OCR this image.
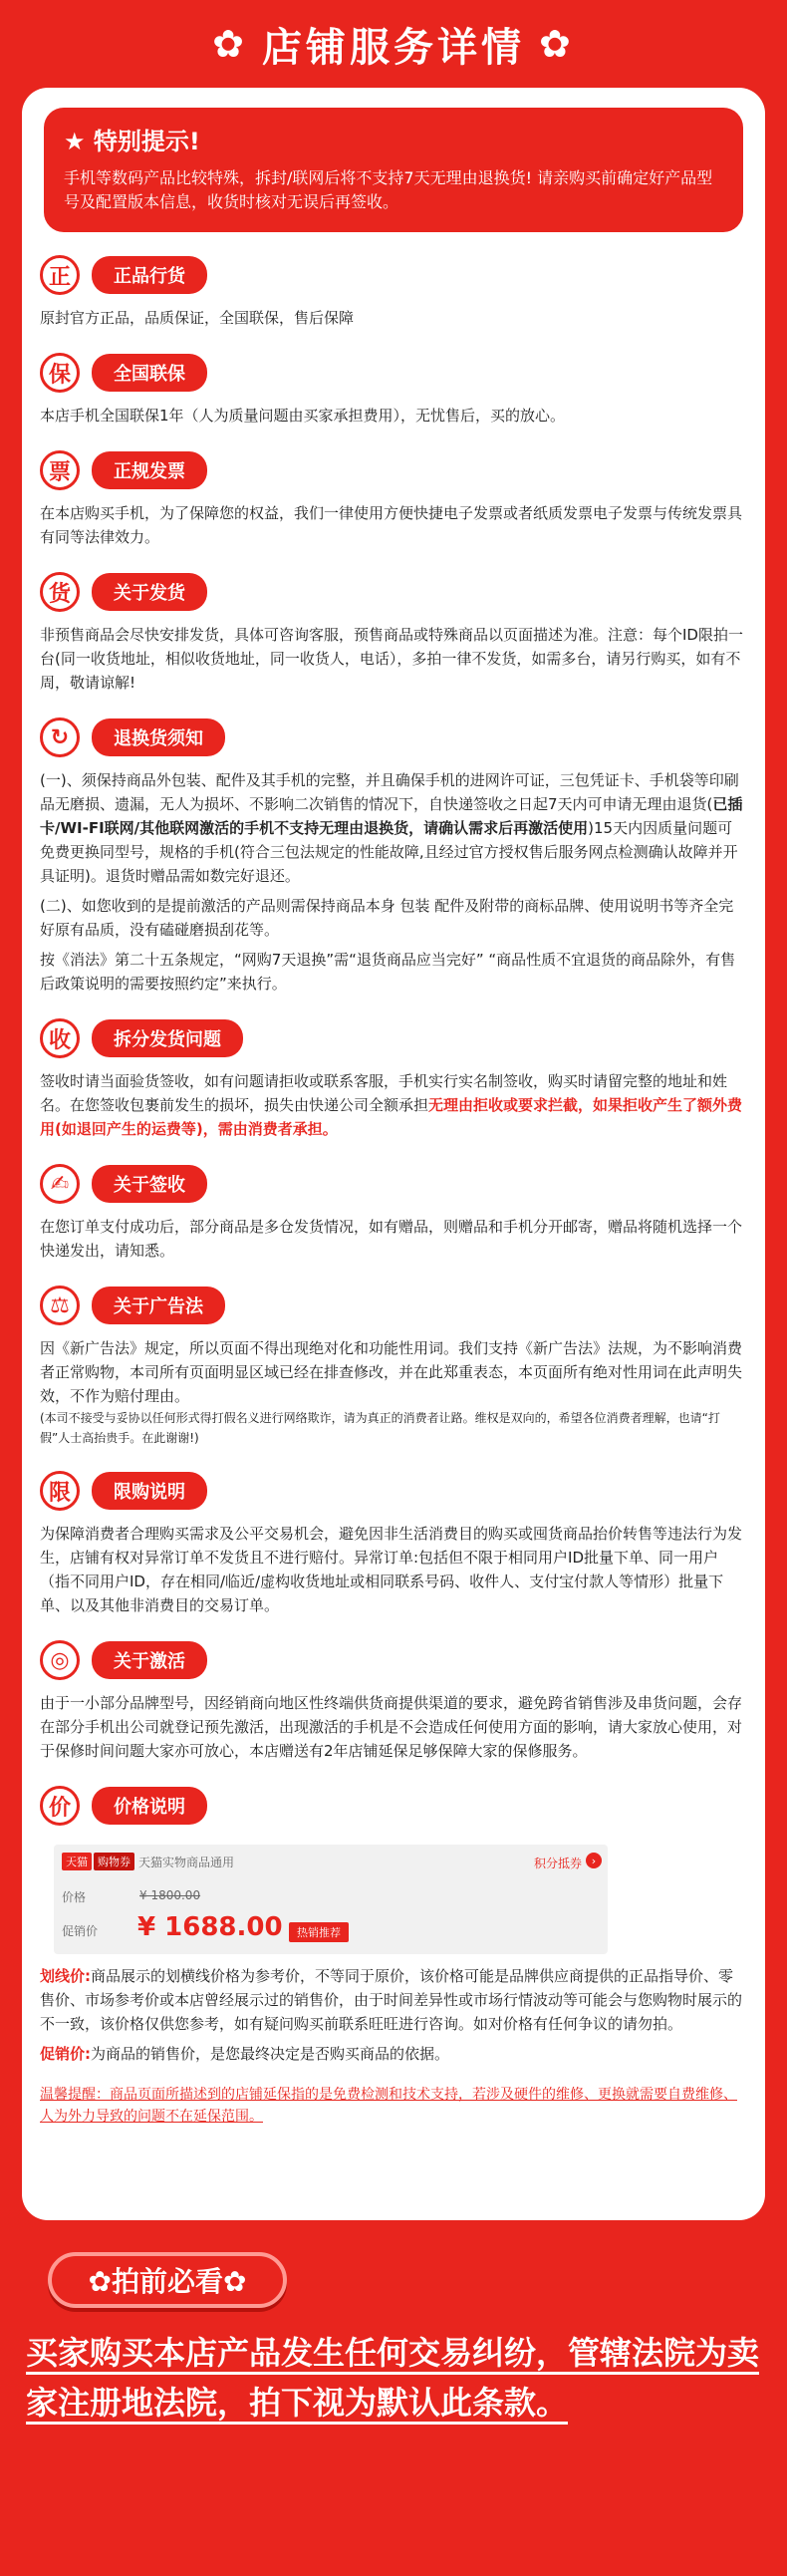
✿ 店铺服务详情 ✿
★ 特别提示!
手机等数码产品比较特殊，拆封/联网后将不支持7天无理由退换货! 请亲购买前确定好产品型号及配置版本信息，收货时核对无误后再签收。
正	正品行货
原封官方正品，品质保证，全国联保，售后保障
保	全国联保
本店手机全国联保1年（人为质量问题由买家承担费用），无忧售后，买的放心。
票	正规发票
在本店购买手机，为了保障您的权益，我们一律使用方便快捷电子发票或者纸质发票电子发票与传统发票具有同等法律效力。
货	关于发货
非预售商品会尽快安排发货，具体可咨询客服，预售商品或特殊商品以页面描述为准。注意：每个ID限拍一台(同一收货地址，相似收货地址，同一收货人，电话），多拍一律不发货，如需多台，请另行购买，如有不周，敬请谅解!
↻	退换货须知
(一)、须保持商品外包装、配件及其手机的完整，并且确保手机的进网许可证，三包凭证卡、手机袋等印刷品无磨损、遗漏，无人为损坏、不影响二次销售的情况下，自快递签收之日起7天内可申请无理由退货(已插卡/WI-FI联网/其他联网激活的手机不支持无理由退换货，请确认需求后再激活使用)15天内因质量问题可免费更换同型号，规格的手机(符合三包法规定的性能故障,且经过官方授权售后服务网点检测确认故障并开具证明)。退货时赠品需如数完好退还。
(二)、如您收到的是提前激活的产品则需保持商品本身 包装 配件及附带的商标品牌、使用说明书等齐全完好原有品质，没有磕碰磨损刮花等。
按《消法》第二十五条规定，“网购7天退换”需“退货商品应当完好” “商品性质不宜退货的商品除外，有售后政策说明的需要按照约定”来执行。
收	拆分发货问题
签收时请当面验货签收，如有问题请拒收或联系客服，手机实行实名制签收，购买时请留完整的地址和姓名。在您签收包裹前发生的损坏，损失由快递公司全额承担无理由拒收或要求拦截，如果拒收产生了额外费用(如退回产生的运费等)，需由消费者承担。
✍	关于签收
在您订单支付成功后，部分商品是多仓发货情况，如有赠品，则赠品和手机分开邮寄，赠品将随机选择一个快递发出，请知悉。
⚖	关于广告法
因《新广告法》规定，所以页面不得出现绝对化和功能性用词。我们支持《新广告法》法规，为不影响消费者正常购物，本司所有页面明显区域已经在排查修改，并在此郑重表态，本页面所有绝对性用词在此声明失效，不作为赔付理由。
(本司不接受与妥协以任何形式得打假名义进行网络欺诈，请为真正的消费者让路。维权是双向的，希望各位消费者理解，也请“打假”人士高抬贵手。在此谢谢!)
限	限购说明
为保障消费者合理购买需求及公平交易机会，避免因非生活消费目的购买或囤货商品抬价转售等违法行为发生，店铺有权对异常订单不发货且不进行赔付。异常订单:包括但不限于相同用户ID批量下单、同一用户（指不同用户ID，存在相同/临近/虚构收货地址或相同联系号码、收件人、支付宝付款人等情形）批量下单、以及其他非消费目的交易订单。
◎	关于激活
由于一小部分品牌型号，因经销商向地区性终端供货商提供渠道的要求，避免跨省销售涉及串货问题，会存在部分手机出公司就登记预先激活，出现激活的手机是不会造成任何使用方面的影响，请大家放心使用，对于保修时间问题大家亦可放心，本店赠送有2年店铺延保足够保障大家的保修服务。
价	价格说明
天猫 购物券 天猫实物商品通用	积分抵券 ›
价格	¥ 1800.00
促销价 ¥ 1688.00	热销推荐
划线价:商品展示的划横线价格为参考价，不等同于原价，该价格可能是品牌供应商提供的正品指导价、零售价、市场参考价或本店曾经展示过的销售价，由于时间差异性或市场行情波动等可能会与您购物时展示的不一致，该价格仅供您参考，如有疑问购买前联系旺旺进行咨询。如对价格有任何争议的请勿拍。
促销价:为商品的销售价，是您最终决定是否购买商品的依据。
温馨提醒：商品页面所描述到的店铺延保指的是免费检测和技术支持，若涉及硬件的维修、更换就需要自费维修、人为外力导致的问题不在延保范围。
✿拍前必看✿
买家购买本店产品发生任何交易纠纷，管辖法院为卖家注册地法院，拍下视为默认此条款。
